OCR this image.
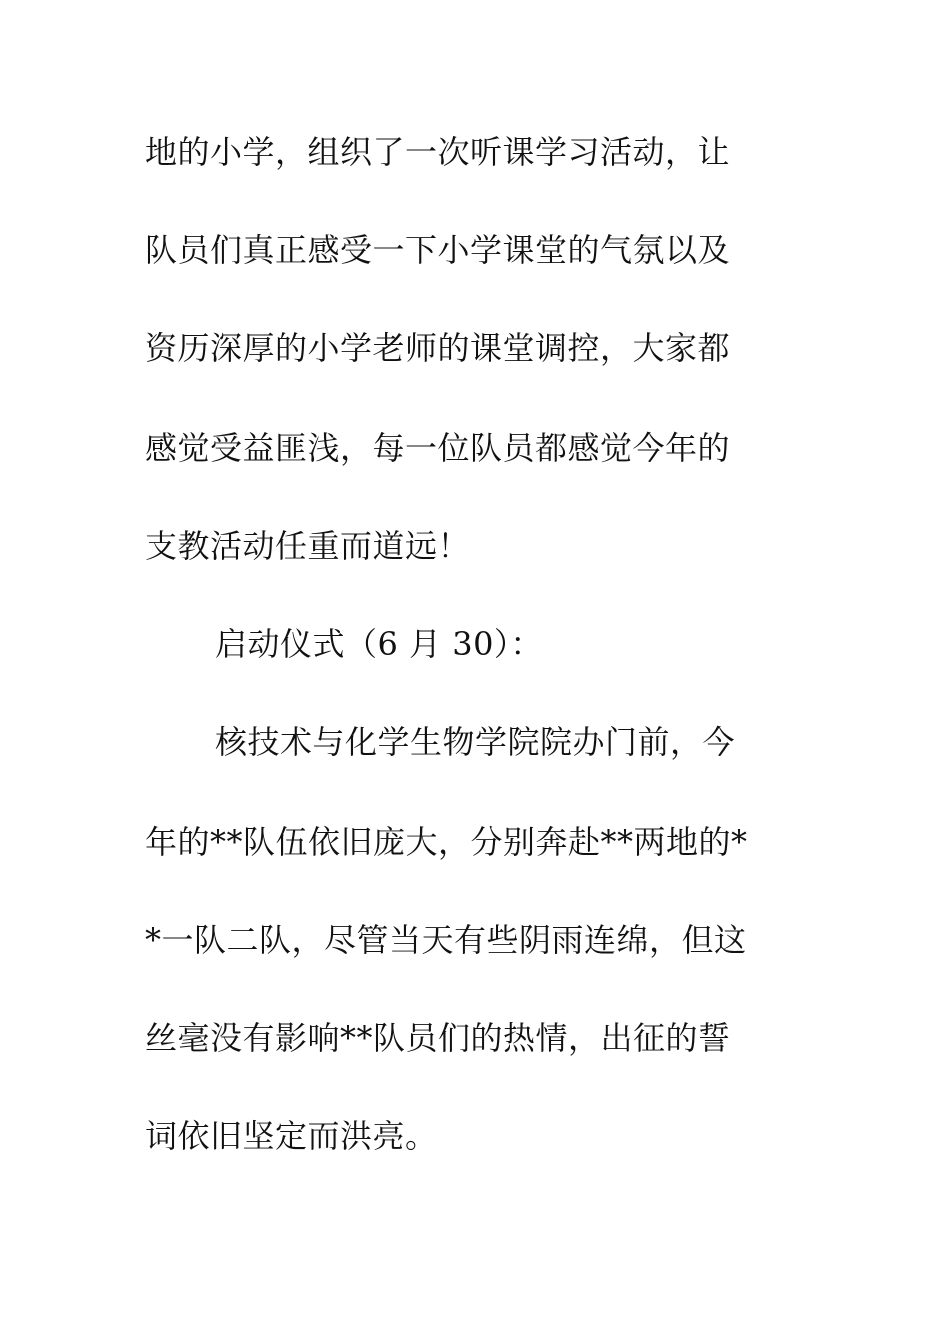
地的小学，组织了一次听课学习活动，让
队员们真正感受一下小学课堂的气氛以及
资历深厚的小学老师的课堂调控，大家都
感觉受益匪浅，每一位队员都感觉今年的
支教活动任重而道远！
启动仪式（6 月 30）：
核技术与化学生物学院院办门前，今
年的**队伍依旧庞大，分别奔赴**两地的*
*一队二队，尽管当天有些阴雨连绵，但这
丝毫没有影响**队员们的热情，出征的誓
词依旧坚定而洪亮。
